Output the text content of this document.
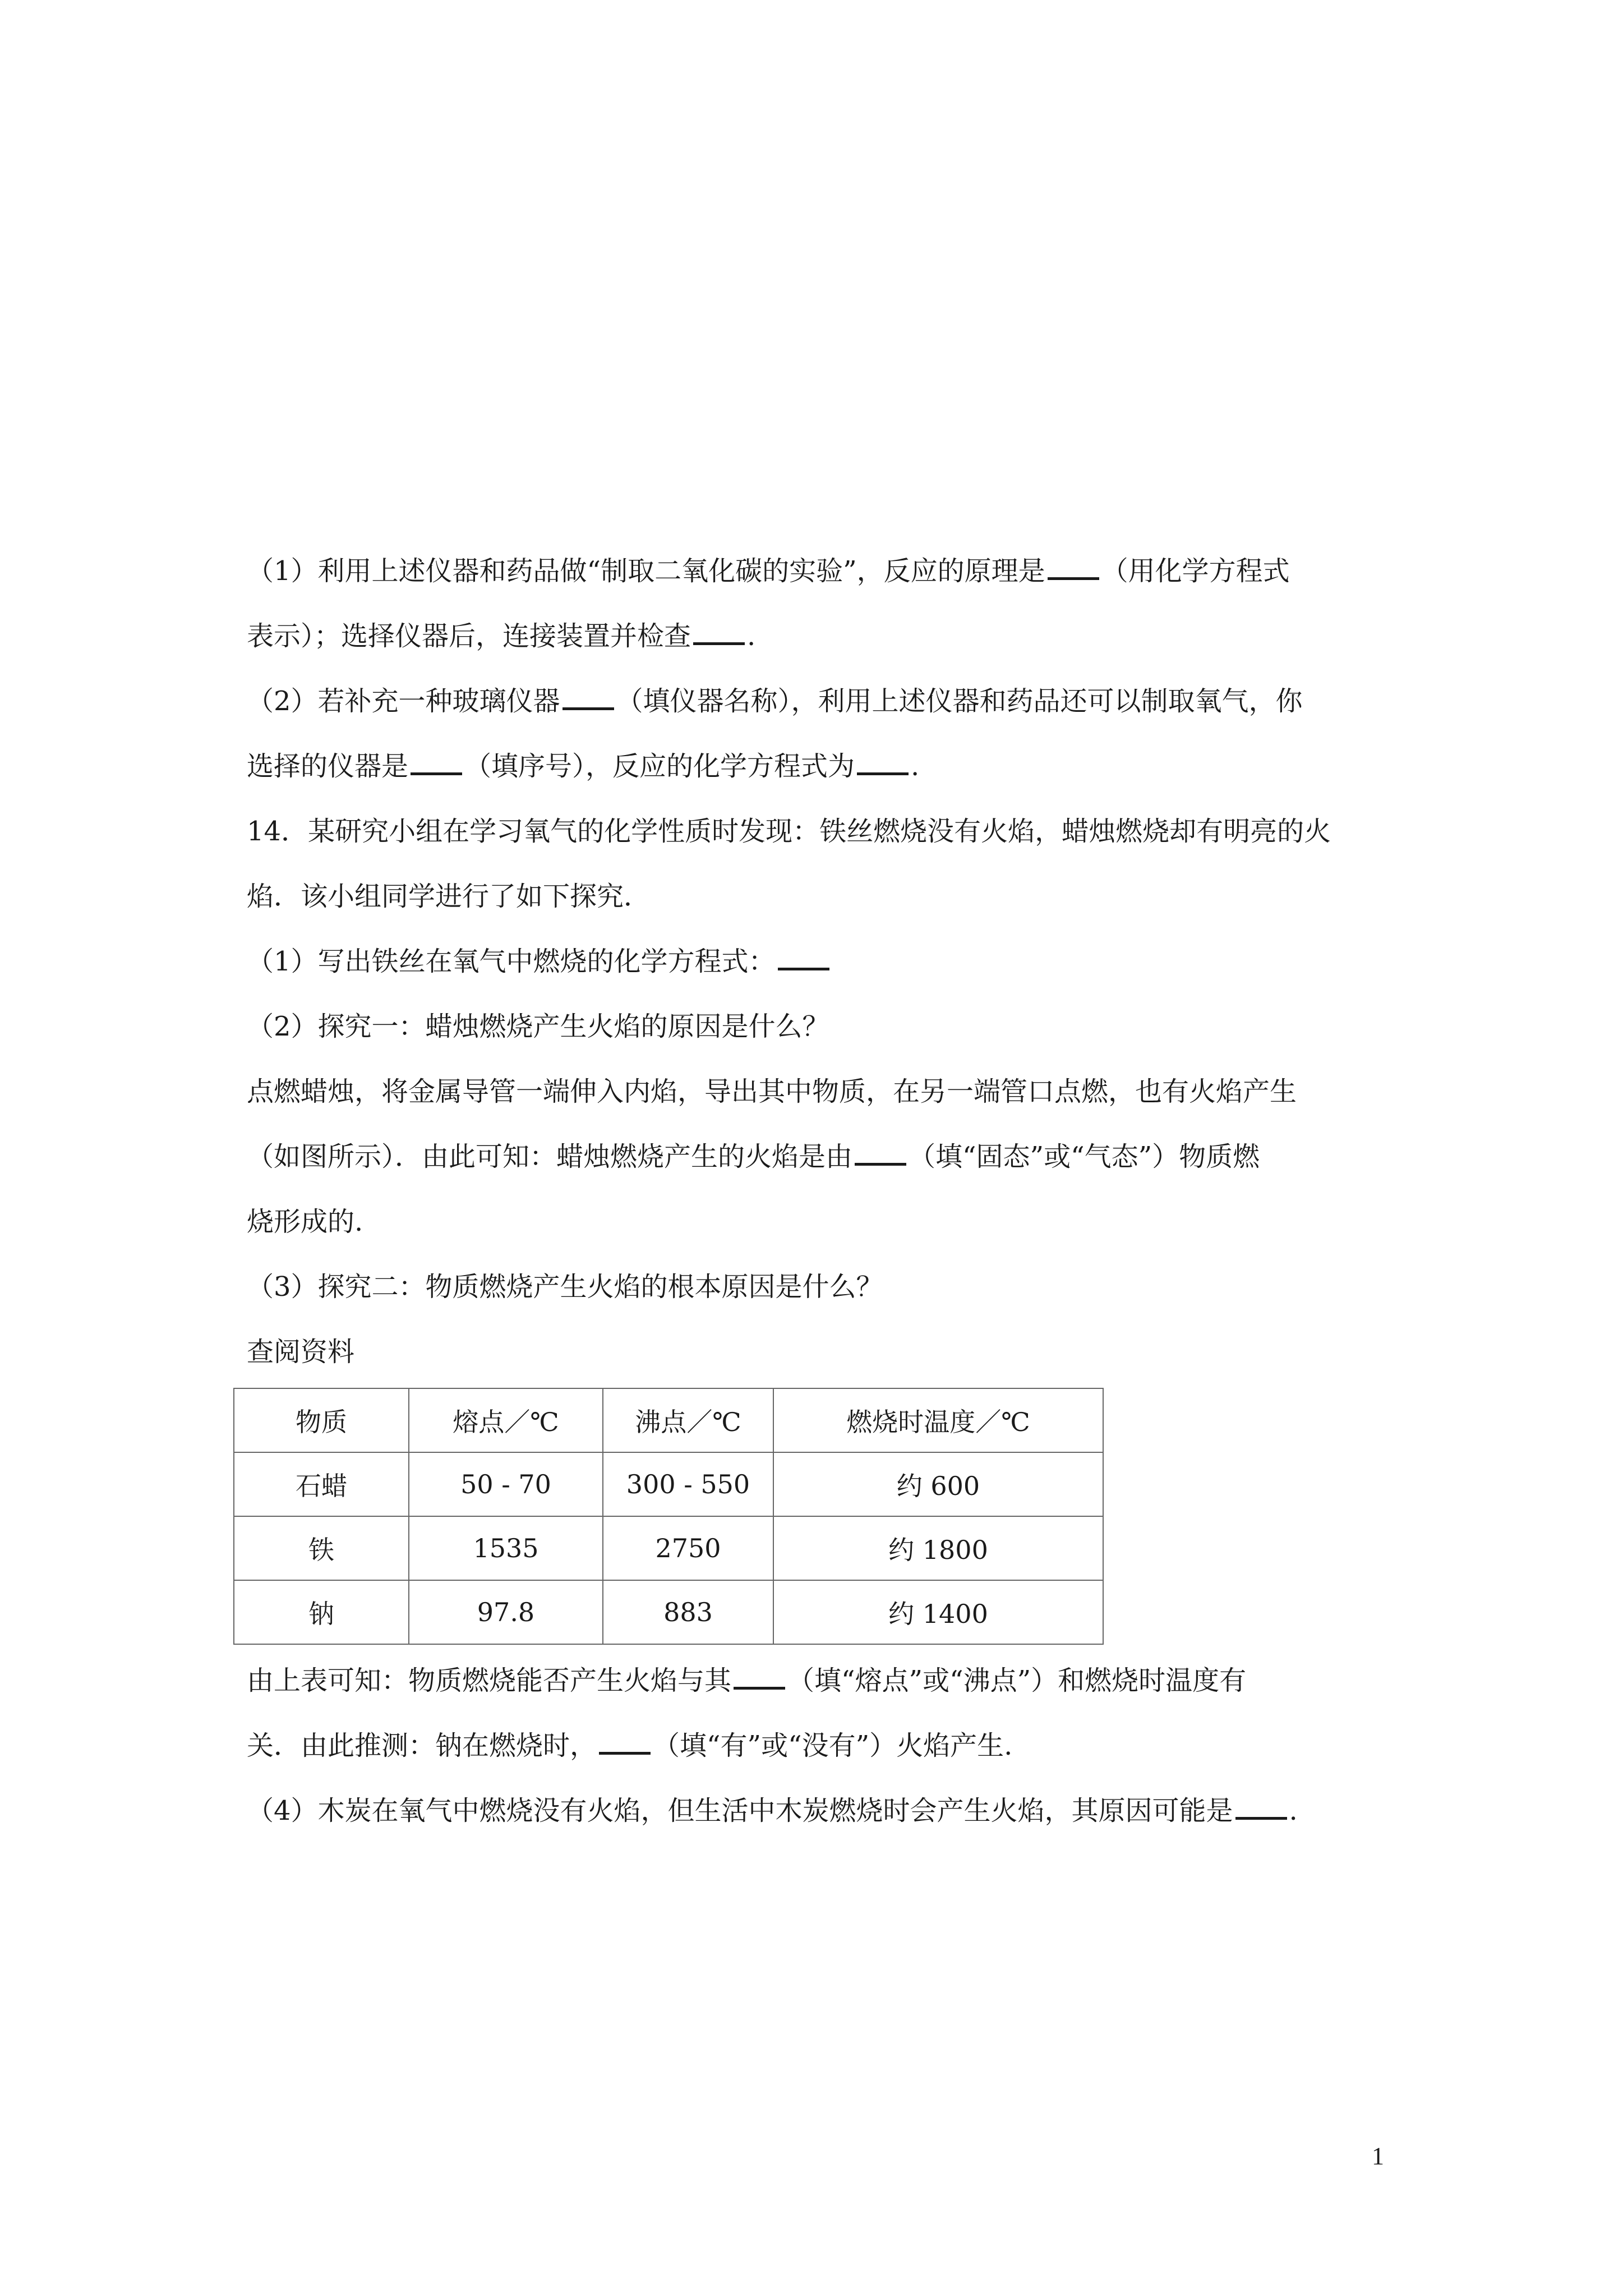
（1）利用上述仪器和药品做“制取二氧化碳的实验”，反应的原理是 （用化学方程式
表示）；选择仪器后，连接装置并检查 .
（2）若补充一种玻璃仪器 （填仪器名称），利用上述仪器和药品还可以制取氧气，你
选择的仪器是 （填序号），反应的化学方程式为 .
14．某研究小组在学习氧气的化学性质时发现：铁丝燃烧没有火焰，蜡烛燃烧却有明亮的火
焰．该小组同学进行了如下探究．
（1）写出铁丝在氧气中燃烧的化学方程式：
（2）探究一：蜡烛燃烧产生火焰的原因是什么？
点燃蜡烛，将金属导管一端伸入内焰，导出其中物质，在另一端管口点燃，也有火焰产生
（如图所示）．由此可知：蜡烛燃烧产生的火焰是由 （填“固态”或“气态”）物质燃
烧形成的.
（3）探究二：物质燃烧产生火焰的根本原因是什么？
查阅资料
物质	熔点／℃	沸点／℃	燃烧时温度／℃
石蜡	50 - 70	300 - 550	约 600
铁	1535	2750	约 1800
钠	97.8	883	约 1400
由上表可知：物质燃烧能否产生火焰与其 （填“熔点”或“沸点”）和燃烧时温度有
关．由此推测：钠在燃烧时， （填“有”或“没有”）火焰产生.
（4）木炭在氧气中燃烧没有火焰，但生活中木炭燃烧时会产生火焰，其原因可能是 .
1
